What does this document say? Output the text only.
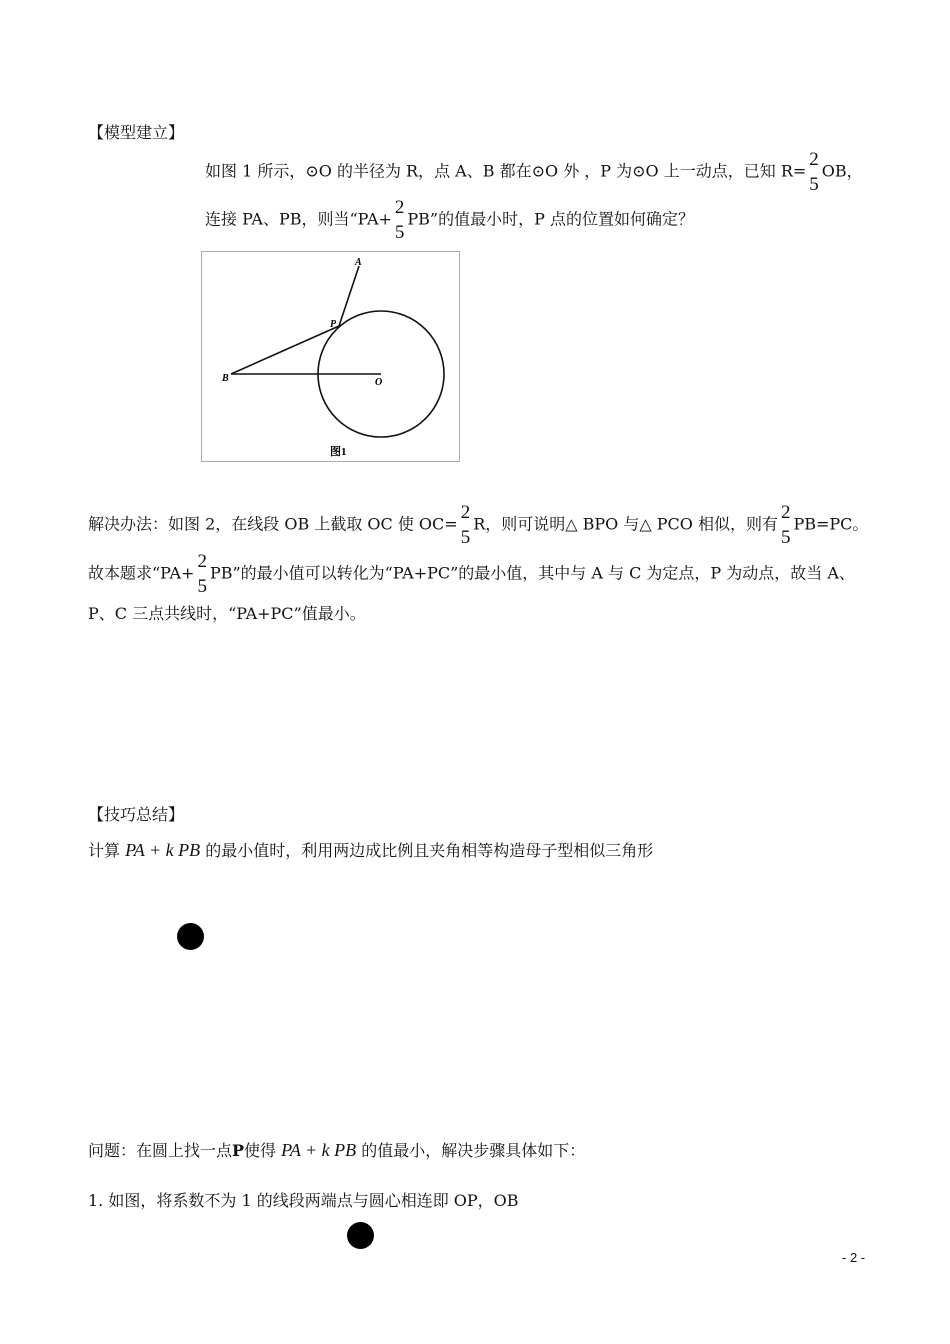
【模型建立】
如图 1 所示，⊙O 的半径为 R，点 A、B 都在⊙O 外 ，P 为⊙O 上一动点，已知 R=
2
5
OB，
连接 PA、PB，则当“PA+
2
5
PB”的值最小时，P 点的位置如何确定？
A
P
B	O
图1
解决办法：如图 2，在线段 OB 上截取 OC 使 OC=
2
5
R，则可说明△ BPO 与△ PCO 相似，则有
2
5
PB=PC。
故本题求“PA+
2
5
PB”的最小值可以转化为“PA+PC”的最小值，其中与 A 与 C 为定点，P 为动点，故当 A、
P、C 三点共线时，“PA+PC”值最小。
【技巧总结】
计算 PA + k PB 的最小值时，利用两边成比例且夹角相等构造母子型相似三角形
问题：在圆上找一点P使得 PA + k PB 的值最小，解决步骤具体如下：
1. 如图，将系数不为 1 的线段两端点与圆心相连即 OP，OB
- 2 -
